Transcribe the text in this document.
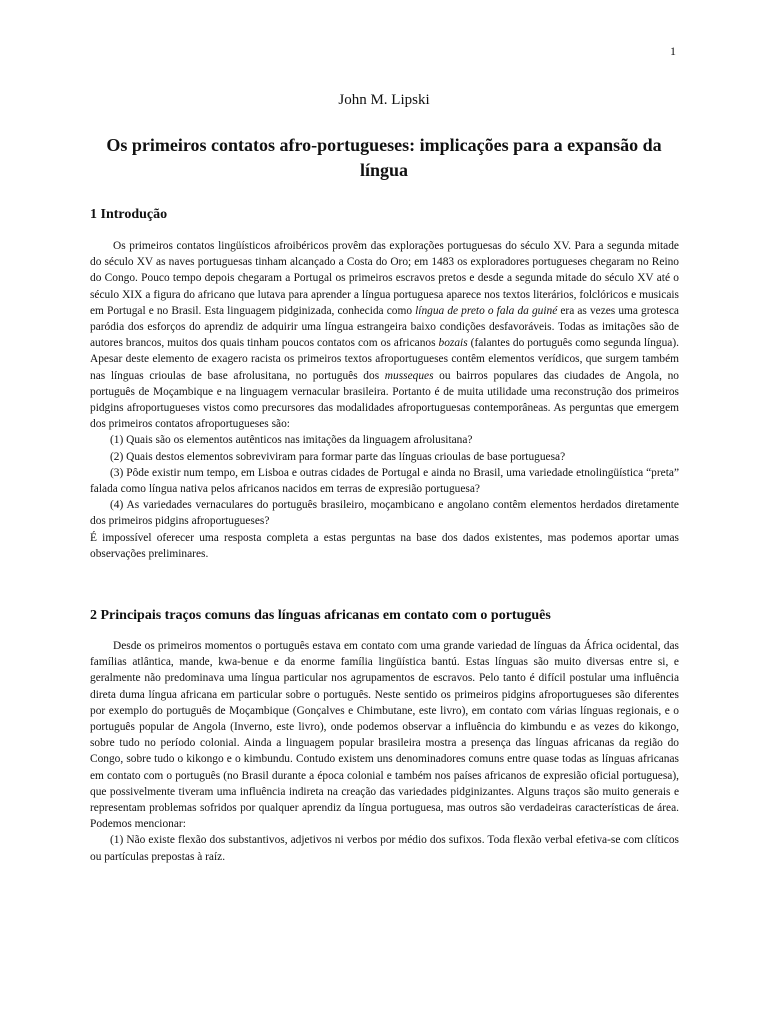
1
John M. Lipski
Os primeiros contatos afro-portugueses: implicações para a expansão da língua
1 Introdução

Os primeiros contatos lingüísticos afroibéricos provêm das explorações portuguesas do século XV. Para a segunda mitade do século XV as naves portuguesas tinham alcançado a Costa do Oro; em 1483 os exploradores portugueses chegaram no Reino do Congo. Pouco tempo depois chegaram a Portugal os primeiros escravos pretos e desde a segunda mitade do século XV até o século XIX a figura do africano que lutava para aprender a língua portuguesa aparece nos textos literários, folclóricos e musicais em Portugal e no Brasil. Esta linguagem pidginizada, conhecida como língua de preto o fala da guiné era as vezes uma grotesca paródia dos esforços do aprendiz de adquirir uma língua estrangeira baixo condições desfavoráveis. Todas as imitações são de autores brancos, muitos dos quais tinham poucos contatos com os africanos bozais (falantes do português como segunda língua). Apesar deste elemento de exagero racista os primeiros textos afroportugueses contêm elementos verídicos, que surgem também nas línguas crioulas de base afrolusitana, no português dos musseques ou bairros populares das ciudades de Angola, no português de Moçambique e na linguagem vernacular brasileira. Portanto é de muita utilidade uma reconstrução dos primeiros pidgins afroportugueses vistos como precursores das modalidades afroportuguesas contemporâneas. As perguntas que emergem dos primeiros contatos afroportugueses são:

(1) Quais são os elementos autênticos nas imitações da linguagem afrolusitana?

(2) Quais destos elementos sobreviviram para formar parte das línguas crioulas de base portuguesa?

(3) Pôde existir num tempo, em Lisboa e outras cidades de Portugal e ainda no Brasil, uma variedade etnolingüística “preta” falada como língua nativa pelos africanos nacidos em terras de expresião portuguesa?

(4) As variedades vernaculares do português brasileiro, moçambicano e angolano contêm elementos herdados diretamente dos primeiros pidgins afroportugueses?

É impossível oferecer uma resposta completa a estas perguntas na base dos dados existentes, mas podemos aportar umas observações preliminares.

2 Principais traços comuns das línguas africanas em contato com o português

Desde os primeiros momentos o português estava em contato com uma grande variedad de línguas da África ocidental, das famílias atlântica, mande, kwa-benue e da enorme família lingüística bantú. Estas línguas são muito diversas entre si, e geralmente não predominava uma língua particular nos agrupamentos de escravos. Pelo tanto é difícil postular uma influência direta duma língua africana em particular sobre o português. Neste sentido os primeiros pidgins afroportugueses são diferentes por exemplo do português de Moçambique (Gonçalves e Chimbutane, este livro), em contato com várias línguas regionais, e o português popular de Angola (Inverno, este livro), onde podemos observar a influência do kimbundu e as vezes do kikongo, sobre tudo no período colonial. Ainda a linguagem popular brasileira mostra a presença das línguas africanas da região do Congo, sobre tudo o kikongo e o kimbundu. Contudo existem uns denominadores comuns entre quase todas as línguas africanas em contato com o português (no Brasil durante a época colonial e também nos países africanos de expresião oficial portuguesa), que possivelmente tiveram uma influência indireta na creação das variedades pidginizantes. Alguns traços são muito generais e representam problemas sofridos por qualquer aprendiz da língua portuguesa, mas outros são verdadeiras características de área. Podemos mencionar:

(1) Não existe flexão dos substantivos, adjetivos ni verbos por médio dos sufixos. Toda flexão verbal efetiva-se com clíticos ou partículas prepostas à raíz.
